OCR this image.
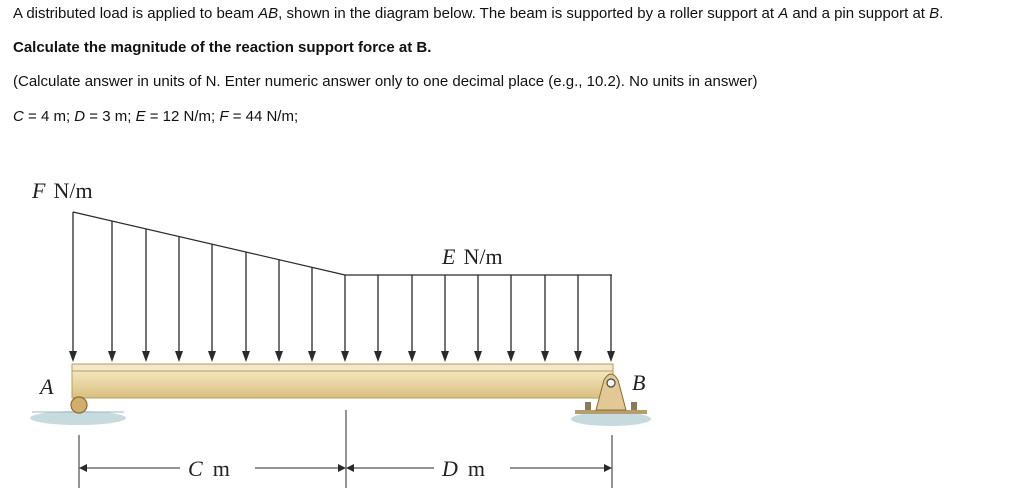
A distributed load is applied to beam AB, shown in the diagram below. The beam is supported by a roller support at A and a pin support at B.
Calculate the magnitude of the reaction support force at B.
(Calculate answer in units of N. Enter numeric answer only to one decimal place (e.g., 10.2). No units in answer)
C = 4 m; D = 3 m; E = 12 N/m; F = 44 N/m;
F N/m
E N/m
A	B
C m	D m
